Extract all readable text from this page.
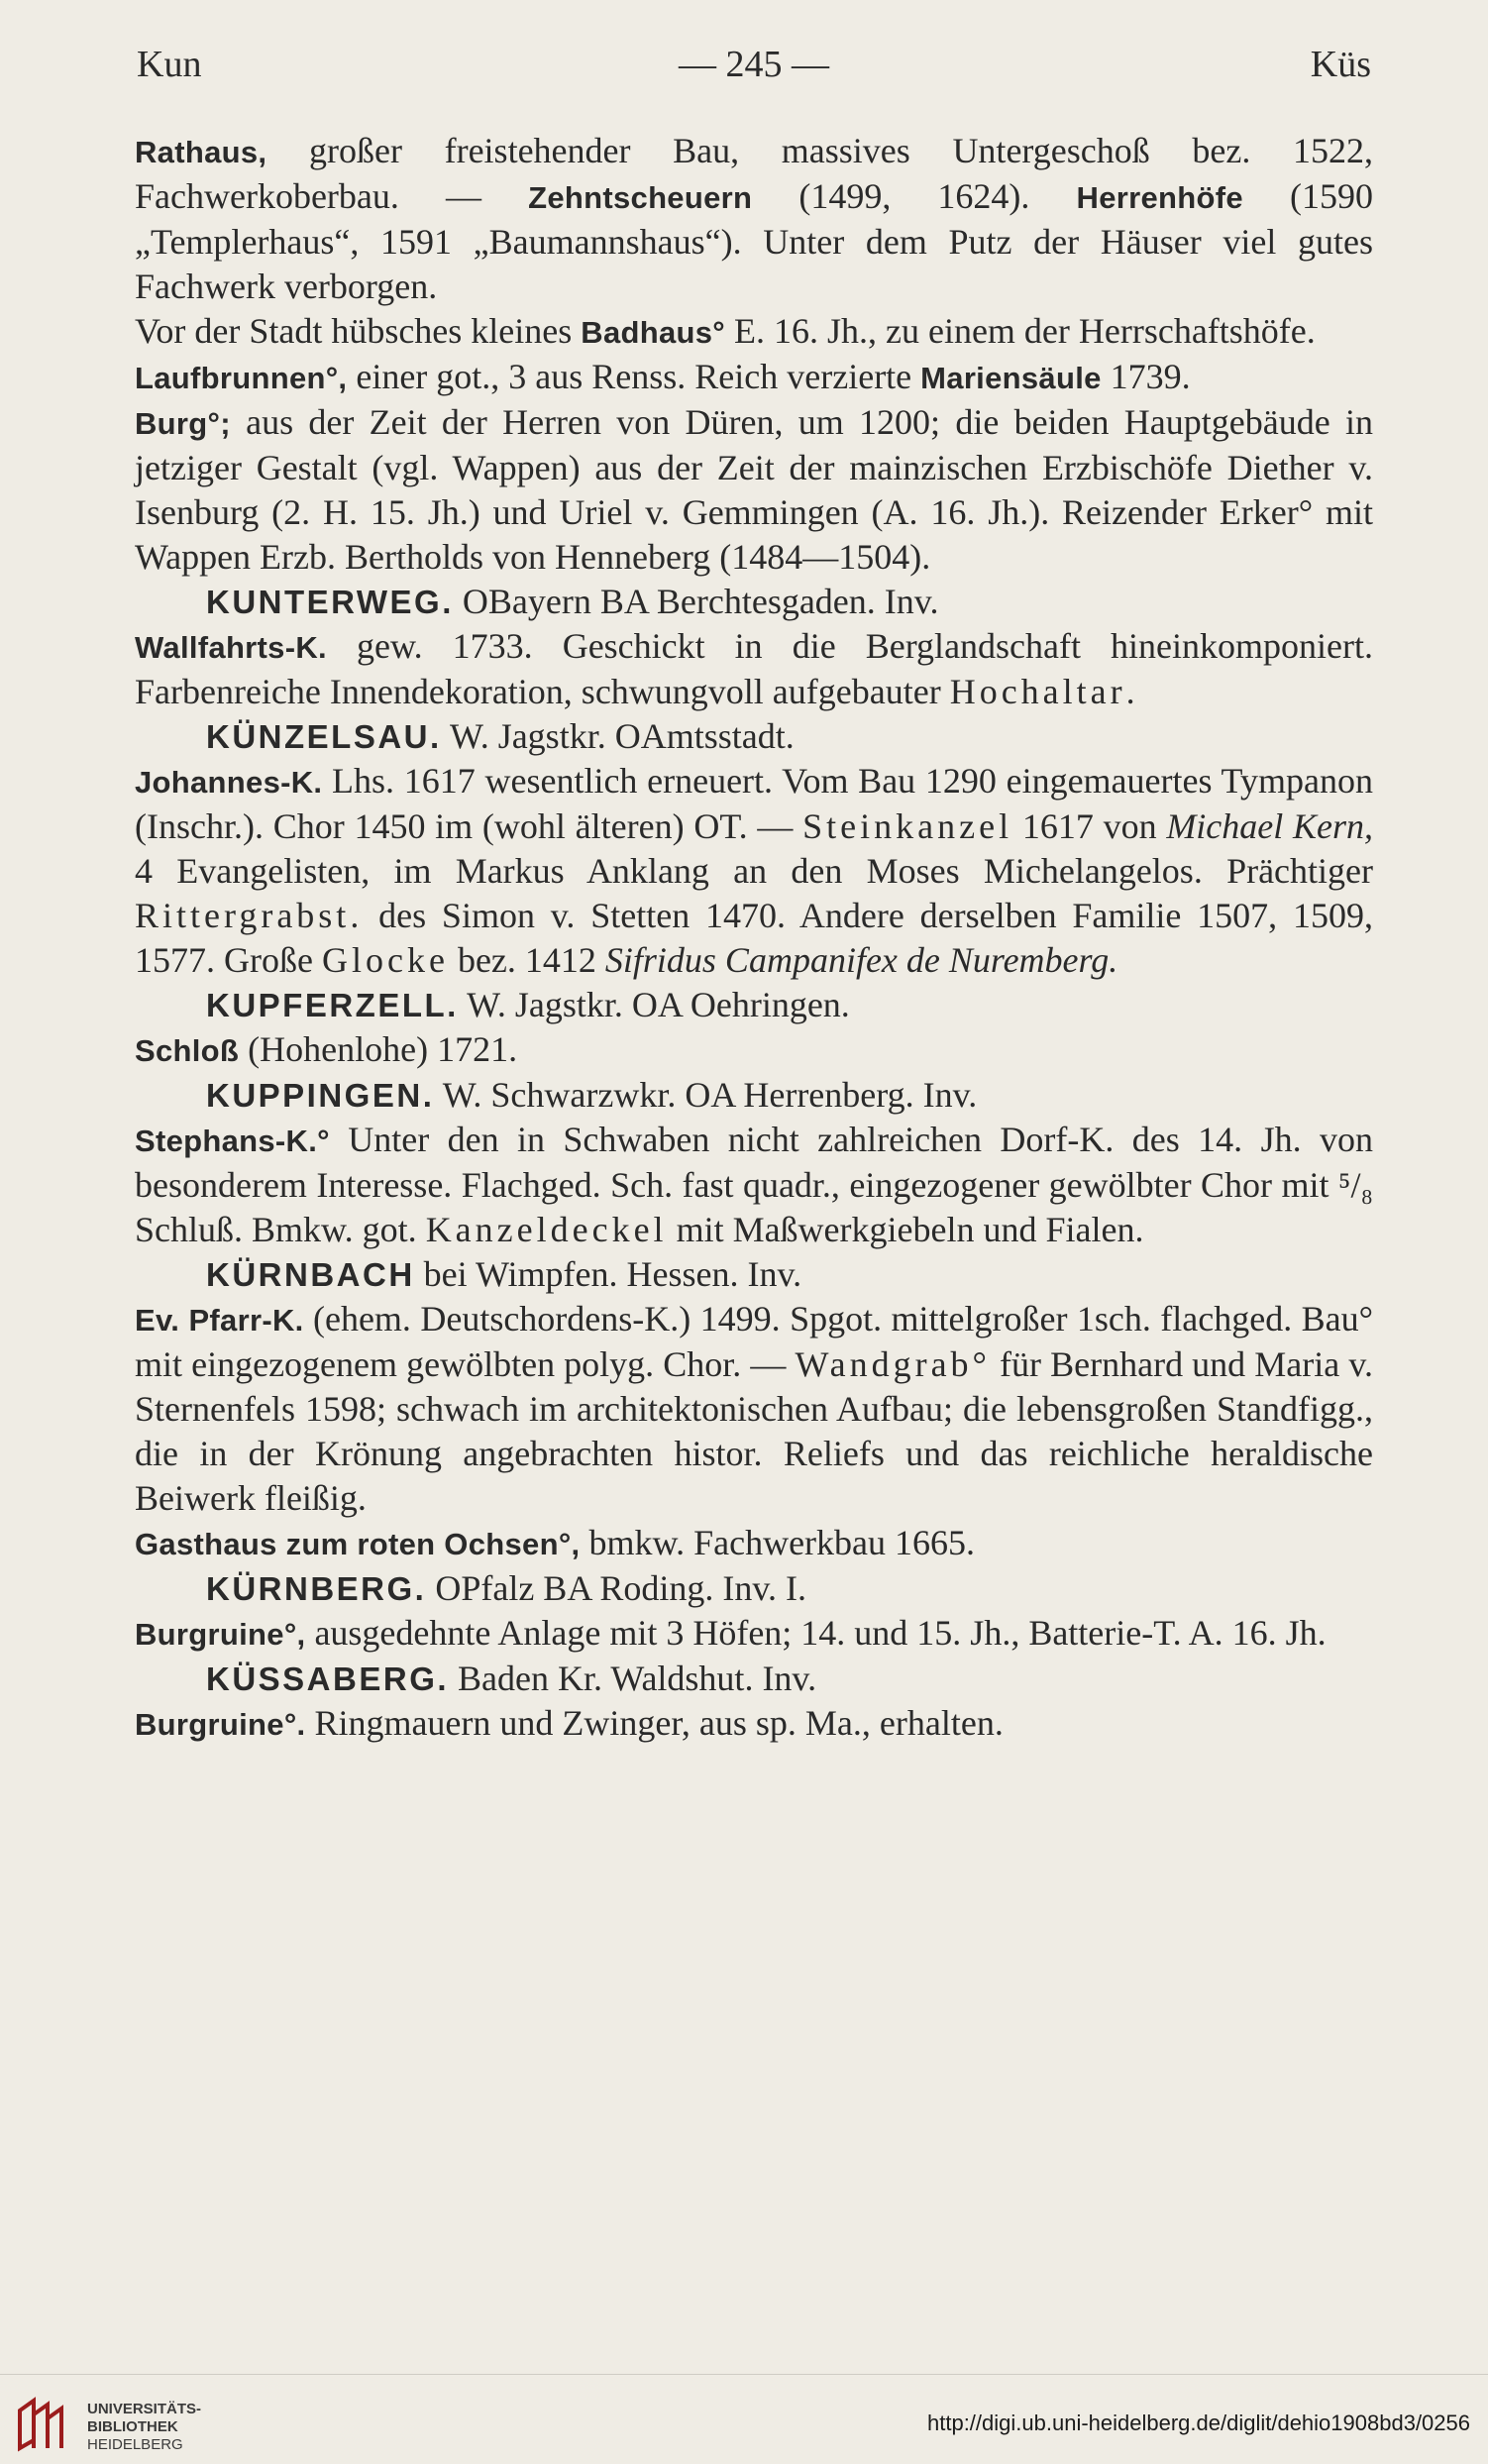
Kun	— 245 —	Küs

Rathaus, großer freistehender Bau, massives Untergeschoß bez. 1522, Fachwerkoberbau. — Zehntscheuern (1499, 1624). Herrenhöfe (1590 „Templerhaus“, 1591 „Baumannshaus“). Unter dem Putz der Häuser viel gutes Fachwerk verborgen.

Vor der Stadt hübsches kleines Badhaus° E. 16. Jh., zu einem der Herrschaftshöfe.

Laufbrunnen°, einer got., 3 aus Renss. Reich verzierte Mariensäule 1739.

Burg°; aus der Zeit der Herren von Düren, um 1200; die beiden Hauptgebäude in jetziger Gestalt (vgl. Wappen) aus der Zeit der mainzischen Erzbischöfe Diether v. Isenburg (2. H. 15. Jh.) und Uriel v. Gemmingen (A. 16. Jh.). Reizender Erker° mit Wappen Erzb. Bertholds von Henneberg (1484—1504).

KUNTERWEG. OBayern BA Berchtesgaden. Inv.

Wallfahrts-K. gew. 1733. Geschickt in die Berglandschaft hineinkomponiert. Farbenreiche Innendekoration, schwungvoll aufgebauter Hochaltar.

KÜNZELSAU. W. Jagstkr. OAmtsstadt.

Johannes-K. Lhs. 1617 wesentlich erneuert. Vom Bau 1290 eingemauertes Tympanon (Inschr.). Chor 1450 im (wohl älteren) OT. — Steinkanzel 1617 von Michael Kern, 4 Evangelisten, im Markus Anklang an den Moses Michelangelos. Prächtiger Rittergrabst. des Simon v. Stetten 1470. Andere derselben Familie 1507, 1509, 1577. Große Glocke bez. 1412 Sifridus Campanifex de Nuremberg.

KUPFERZELL. W. Jagstkr. OA Oehringen.

Schloß (Hohenlohe) 1721.

KUPPINGEN. W. Schwarzwkr. OA Herrenberg. Inv.

Stephans-K.° Unter den in Schwaben nicht zahlreichen Dorf-K. des 14. Jh. von besonderem Interesse. Flachged. Sch. fast quadr., eingezogener gewölbter Chor mit ⁵/₈ Schluß. Bmkw. got. Kanzeldeckel mit Maßwerkgiebeln und Fialen.

KÜRNBACH bei Wimpfen. Hessen. Inv.

Ev. Pfarr-K. (ehem. Deutschordens-K.) 1499. Spgot. mittelgroßer 1sch. flachged. Bau° mit eingezogenem gewölbten polyg. Chor. — Wandgrab° für Bernhard und Maria v. Sternenfels 1598; schwach im architektonischen Aufbau; die lebensgroßen Standfigg., die in der Krönung angebrachten histor. Reliefs und das reichliche heraldische Beiwerk fleißig.

Gasthaus zum roten Ochsen°, bmkw. Fachwerkbau 1665.

KÜRNBERG. OPfalz BA Roding. Inv. I.

Burgruine°, ausgedehnte Anlage mit 3 Höfen; 14. und 15. Jh., Batterie-T. A. 16. Jh.

KÜSSABERG. Baden Kr. Waldshut. Inv.

Burgruine°. Ringmauern und Zwinger, aus sp. Ma., erhalten.

UNIVERSITÄTS-
BIBLIOTHEK
HEIDELBERG
http://digi.ub.uni-heidelberg.de/diglit/dehio1908bd3/0256
